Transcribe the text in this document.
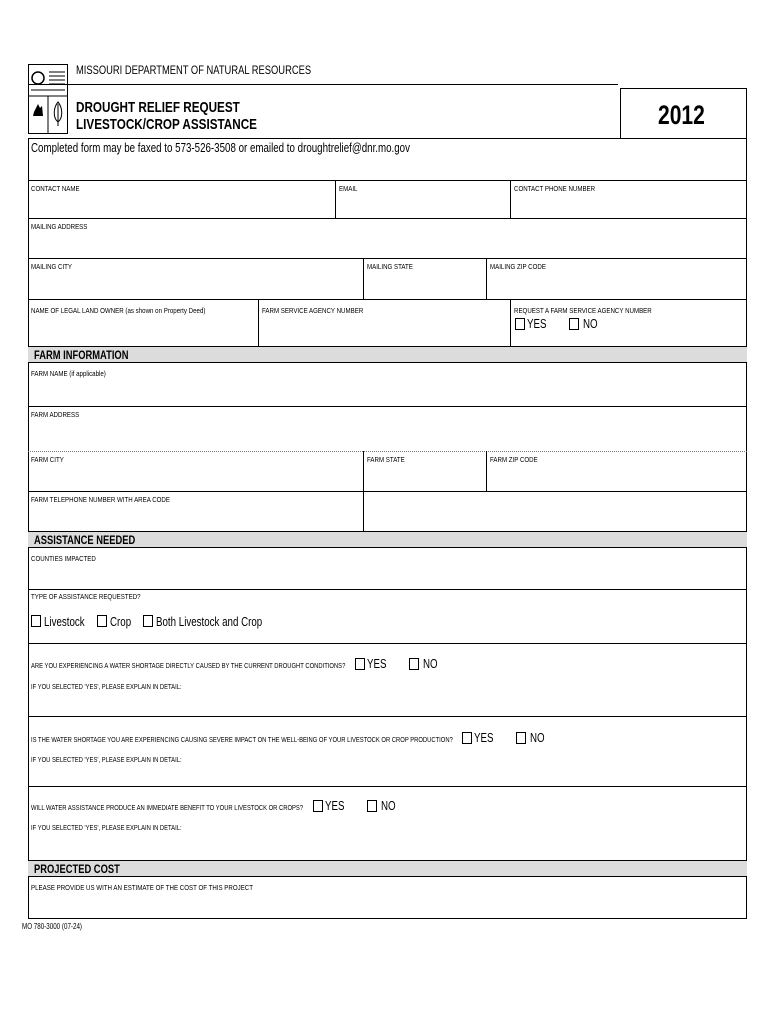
MISSOURI DEPARTMENT OF NATURAL RESOURCES
DROUGHT RELIEF REQUEST
LIVESTOCK/CROP ASSISTANCE	2012
Completed form may be faxed to 573-526-3508 or emailed to droughtrelief@dnr.mo.gov
CONTACT NAME	EMAIL	CONTACT PHONE NUMBER
MAILING ADDRESS
MAILING CITY	MAILING STATE	MAILING ZIP CODE
NAME OF LEGAL LAND OWNER (as shown on Property Deed)	FARM SERVICE AGENCY NUMBER	REQUEST A FARM SERVICE AGENCY NUMBER
YES	NO
FARM INFORMATION
FARM NAME (if applicable)
FARM ADDRESS
FARM CITY	FARM STATE	FARM ZIP CODE
FARM TELEPHONE NUMBER WITH AREA CODE
ASSISTANCE NEEDED
COUNTIES IMPACTED
TYPE OF ASSISTANCE REQUESTED?
Livestock	Crop	Both Livestock and Crop
ARE YOU EXPERIENCING A WATER SHORTAGE DIRECTLY CAUSED BY THE CURRENT DROUGHT CONDITIONS?	YES	NO
IF YOU SELECTED 'YES', PLEASE EXPLAIN IN DETAIL:
IS THE WATER SHORTAGE YOU ARE EXPERIENCING CAUSING SEVERE IMPACT ON THE WELL-BEING OF YOUR LIVESTOCK OR CROP PRODUCTION?	YES	NO
IF YOU SELECTED 'YES', PLEASE EXPLAIN IN DETAIL:
WILL WATER ASSISTANCE PRODUCE AN IMMEDIATE BENEFIT TO YOUR LIVESTOCK OR CROPS?	YES	NO
IF YOU SELECTED 'YES', PLEASE EXPLAIN IN DETAIL:
PROJECTED COST
PLEASE PROVIDE US WITH AN ESTIMATE OF THE COST OF THIS PROJECT
MO 780-3000 (07-24)
